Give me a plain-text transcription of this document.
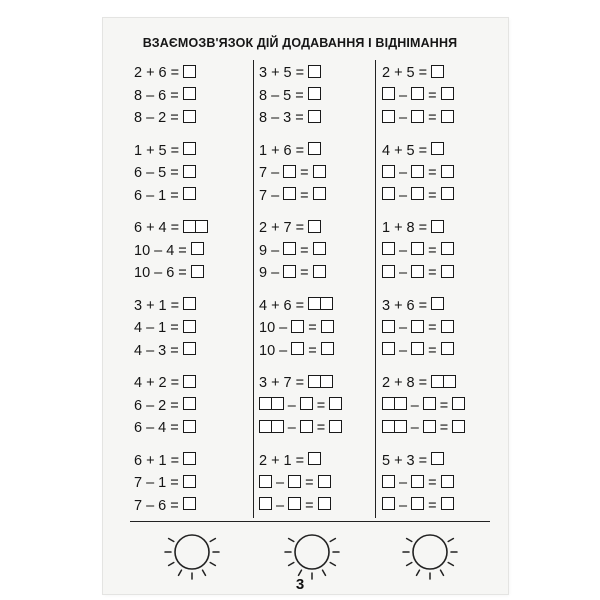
ВЗАЄМОЗВ'ЯЗОК ДІЙ ДОДАВАННЯ І ВІДНІМАННЯ
2 + 6 =
8 – 6 =
8 – 2 =
1 + 5 =
6 – 5 =
6 – 1 =
6 + 4 =
10 – 4 =
10 – 6 =
3 + 1 =
4 – 1 =
4 – 3 =
4 + 2 =
6 – 2 =
6 – 4 =
6 + 1 =
7 – 1 =
7 – 6 =
3 + 5 =
8 – 5 =
8 – 3 =
1 + 6 =
7 – =
7 – =
2 + 7 =
9 – =
9 – =
4 + 6 =
10 – =
10 – =
3 + 7 =
– =
– =
2 + 1 =
– =
– =
2 + 5 =
– =
– =
4 + 5 =
– =
– =
1 + 8 =
– =
– =
3 + 6 =
– =
– =
2 + 8 =
– =
– =
5 + 3 =
– =
– =
3
